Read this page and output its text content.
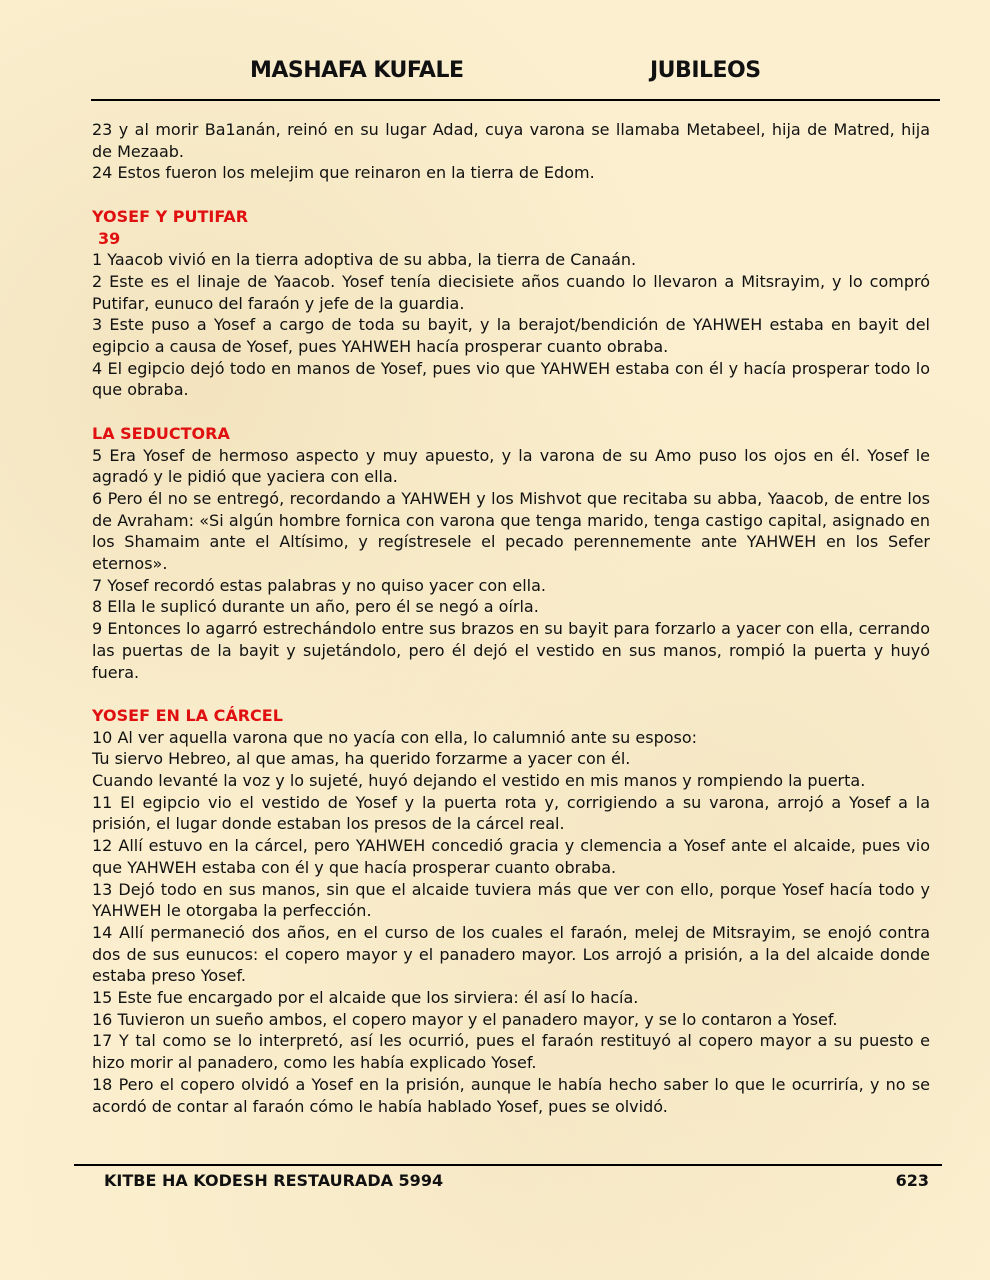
MASHAFA KUFALE	JUBILEOS

23 y al morir Ba1anán, reinó en su lugar Adad, cuya varona se llamaba Metabeel, hija de Matred, hija de Mezaab.

24 Estos fueron los melejim que reinaron en la tierra de Edom.

YOSEF Y PUTIFAR

39

1 Yaacob vivió en la tierra adoptiva de su abba, la tierra de Canaán.

2 Este es el linaje de Yaacob. Yosef tenía diecisiete años cuando lo llevaron a Mitsrayim, y lo compró Putifar, eunuco del faraón y jefe de la guardia.

3 Este puso a Yosef a cargo de toda su bayit, y la berajot/bendición de YAHWEH estaba en bayit del egipcio a causa de Yosef, pues YAHWEH hacía prosperar cuanto obraba.

4 El egipcio dejó todo en manos de Yosef, pues vio que YAHWEH estaba con él y hacía prosperar todo lo que obraba.

LA SEDUCTORA

5 Era Yosef de hermoso aspecto y muy apuesto, y la varona de su Amo puso los ojos en él. Yosef le agradó y le pidió que yaciera con ella.

6 Pero él no se entregó, recordando a YAHWEH y los Mishvot que recitaba su abba, Yaacob, de entre los de Avraham: «Si algún hombre fornica con varona que tenga marido, tenga castigo capital, asignado en los Shamaim ante el Altísimo, y regístresele el pecado perennemente ante YAHWEH en los Sefer eternos».

7 Yosef recordó estas palabras y no quiso yacer con ella.

8 Ella le suplicó durante un año, pero él se negó a oírla.

9 Entonces lo agarró estrechándolo entre sus brazos en su bayit para forzarlo a yacer con ella, cerrando las puertas de la bayit y sujetándolo, pero él dejó el vestido en sus manos, rompió la puerta y huyó fuera.

YOSEF EN LA CÁRCEL

10 Al ver aquella varona que no yacía con ella, lo calumnió ante su esposo:

Tu siervo Hebreo, al que amas, ha querido forzarme a yacer con él.

Cuando levanté la voz y lo sujeté, huyó dejando el vestido en mis manos y rompiendo la puerta.

11 El egipcio vio el vestido de Yosef y la puerta rota y, corrigiendo a su varona, arrojó a Yosef a la prisión, el lugar donde estaban los presos de la cárcel real.

12 Allí estuvo en la cárcel, pero YAHWEH concedió gracia y clemencia a Yosef ante el alcaide, pues vio que YAHWEH estaba con él y que hacía prosperar cuanto obraba.

13 Dejó todo en sus manos, sin que el alcaide tuviera más que ver con ello, porque Yosef hacía todo y YAHWEH le otorgaba la perfección.

14 Allí permaneció dos años, en el curso de los cuales el faraón, melej de Mitsrayim, se enojó contra dos de sus eunucos: el copero mayor y el panadero mayor. Los arrojó a prisión, a la del alcaide donde estaba preso Yosef.

15 Este fue encargado por el alcaide que los sirviera: él así lo hacía.

16 Tuvieron un sueño ambos, el copero mayor y el panadero mayor, y se lo contaron a Yosef.

17 Y tal como se lo interpretó, así les ocurrió, pues el faraón restituyó al copero mayor a su puesto e hizo morir al panadero, como les había explicado Yosef.

18 Pero el copero olvidó a Yosef en la prisión, aunque le había hecho saber lo que le ocurriría, y no se acordó de contar al faraón cómo le había hablado Yosef, pues se olvidó.

KITBE HA KODESH RESTAURADA 5994	623
